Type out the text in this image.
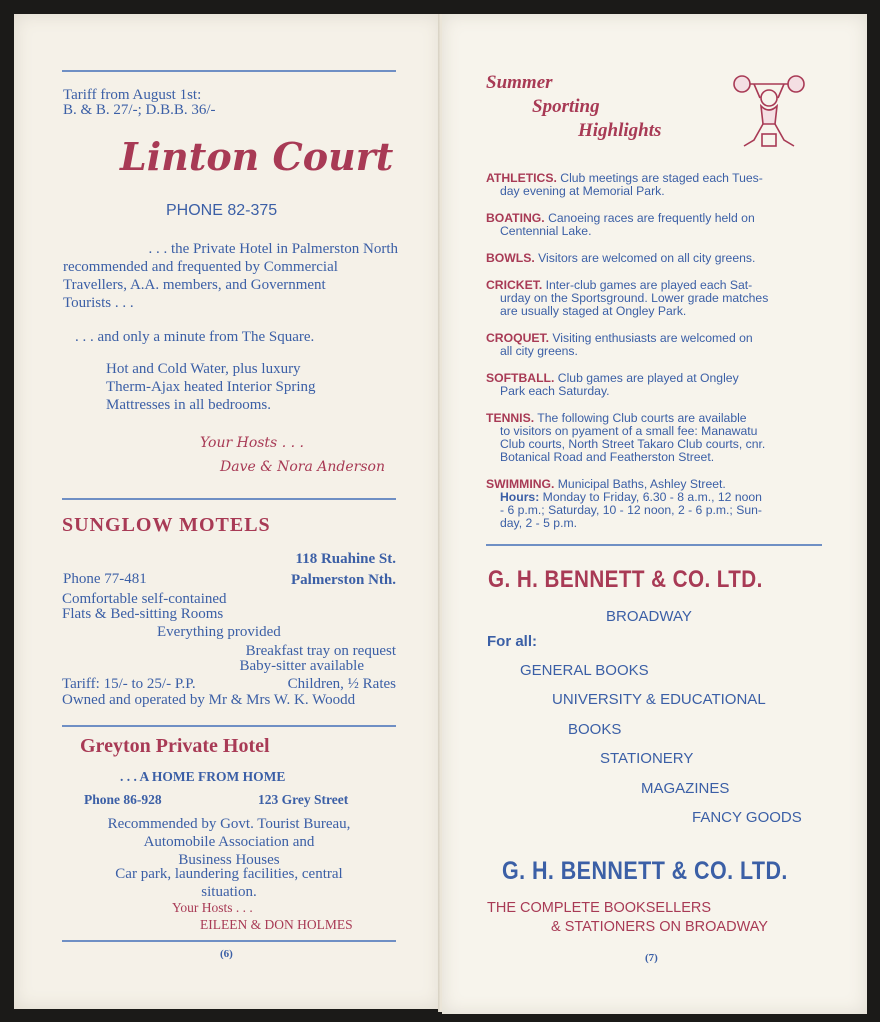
Tariff from August 1st:
B. & B. 27/-; D.B.B. 36/-
Linton Court
PHONE 82-375
. . . the Private Hotel in Palmerston North
recommended and frequented by Commercial
Travellers, A.A. members, and Government
Tourists . . .
. . . and only a minute from The Square.
Hot and Cold Water, plus luxury
Therm-Ajax heated Interior Spring
Mattresses in all bedrooms.
Your Hosts . . .
Dave & Nora Anderson
SUNGLOW MOTELS
118 Ruahine St.
Palmerston Nth.
Phone 77-481
Comfortable self-contained
Flats & Bed-sitting Rooms
Everything provided
Breakfast tray on request
Baby-sitter available
Tariff: 15/- to 25/- P.P.	Children, ½ Rates
Owned and operated by Mr & Mrs W. K. Woodd
Greyton Private Hotel
. . . A HOME FROM HOME
Phone 86-928	123 Grey Street
Recommended by Govt. Tourist Bureau,
Automobile Association and
Business Houses
Car park, laundering facilities, central
situation.
Your Hosts . . .
EILEEN & DON HOLMES
(6)
Summer
Sporting
Highlights
ATHLETICS. Club meetings are staged each Tues-
day evening at Memorial Park.
BOATING. Canoeing races are frequently held on
Centennial Lake.
BOWLS. Visitors are welcomed on all city greens.
CRICKET. Inter-club games are played each Sat-
urday on the Sportsground. Lower grade matches
are usually staged at Ongley Park.
CROQUET. Visiting enthusiasts are welcomed on
all city greens.
SOFTBALL. Club games are played at Ongley
Park each Saturday.
TENNIS. The following Club courts are available
to visitors on pyament of a small fee: Manawatu
Club courts, North Street Takaro Club courts, cnr.
Botanical Road and Featherston Street.
SWIMMING. Municipal Baths, Ashley Street.
Hours: Monday to Friday, 6.30 - 8 a.m., 12 noon
- 6 p.m.; Saturday, 10 - 12 noon, 2 - 6 p.m.; Sun-
day, 2 - 5 p.m.
G. H. BENNETT & CO. LTD.
BROADWAY
For all:
GENERAL BOOKS
UNIVERSITY & EDUCATIONAL
BOOKS
STATIONERY
MAGAZINES
FANCY GOODS
G. H. BENNETT & CO. LTD.
THE COMPLETE BOOKSELLERS
& STATIONERS ON BROADWAY
(7)
